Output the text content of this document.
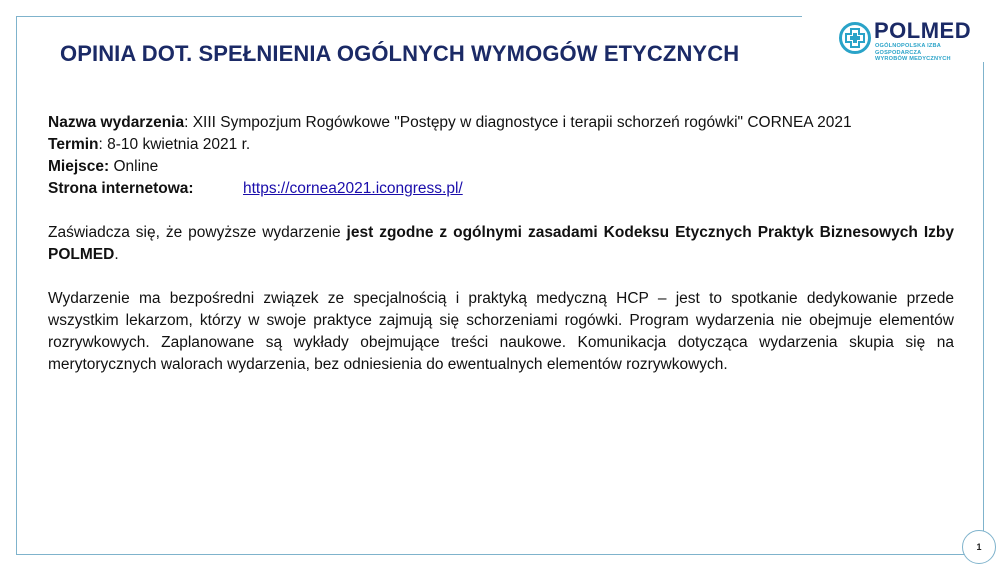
OPINIA DOT. SPEŁNIENIA OGÓLNYCH WYMOGÓW ETYCZNYCH
POLMED
OGÓLNOPOLSKA IZBA GOSPODARCZA
WYROBÓW MEDYCZNYCH

Nazwa wydarzenia: XIII Sympozjum Rogówkowe "Postępy w diagnostyce i terapii schorzeń rogówki" CORNEA 2021

Termin: 8-10 kwietnia 2021 r.

Miejsce: Online

Strona internetowa:	https://cornea2021.icongress.pl/

Zaświadcza się, że powyższe wydarzenie jest zgodne z ogólnymi zasadami Kodeksu Etycznych Praktyk Biznesowych Izby POLMED.

Wydarzenie ma bezpośredni związek ze specjalnością i praktyką medyczną HCP – jest to spotkanie dedykowanie przede wszystkim lekarzom, którzy w swoje praktyce zajmują się schorzeniami rogówki. Program wydarzenia nie obejmuje elementów rozrywkowych. Zaplanowane są wykłady obejmujące treści naukowe. Komunikacja dotycząca wydarzenia skupia się na merytorycznych walorach wydarzenia, bez odniesienia do ewentualnych elementów rozrywkowych.

1
